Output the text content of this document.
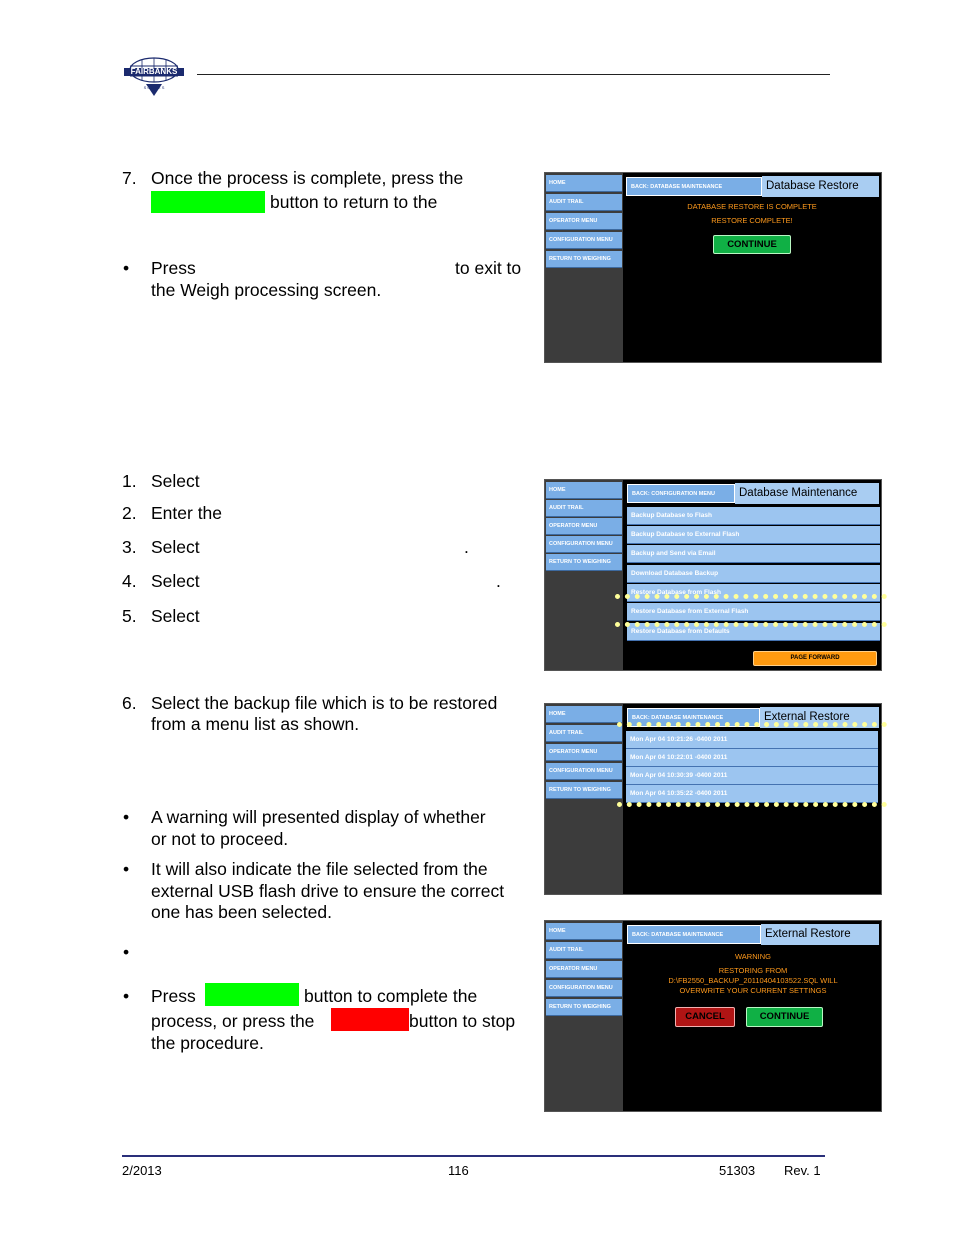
FAIRBANKS
S C A L E S
7. Once the process is complete, press the
button to return to the
• Press	to exit to
the Weigh processing screen.
HOME
AUDIT TRAIL
OPERATOR MENU
CONFIGURATION MENU
RETURN TO WEIGHING
BACK: DATABASE MAINTENANCE	Database Restore
DATABASE RESTORE IS COMPLETE
RESTORE COMPLETE!
CONTINUE
1. Select
2. Enter the
3. Select	.
4. Select	.
5. Select
HOME
AUDIT TRAIL
OPERATOR MENU
CONFIGURATION MENU
RETURN TO WEIGHING
BACK: CONFIGURATION MENU	Database Maintenance
Backup Database to Flash
Backup Database to External Flash
Backup and Send via Email
Download Database Backup
Restore Database from Flash
Restore Database from External Flash
Restore Database from Defaults
PAGE FORWARD
6. Select the backup file which is to be restored
from a menu list as shown.	HOME
AUDIT TRAIL
OPERATOR MENU
CONFIGURATION MENU
RETURN TO WEIGHING
BACK: DATABASE MAINTENANCE	External Restore
Mon Apr 04 10:21:26 -0400 2011
Mon Apr 04 10:22:01 -0400 2011
Mon Apr 04 10:30:39 -0400 2011
Mon Apr 04 10:35:22 -0400 2011
• A warning will presented display of whether
or not to proceed.
• It will also indicate the file selected from the
external USB flash drive to ensure the correct
one has been selected.
•
• Press	button to complete the
process, or press the	button to stop
the procedure.
HOME
AUDIT TRAIL
OPERATOR MENU
CONFIGURATION MENU
RETURN TO WEIGHING
BACK: DATABASE MAINTENANCE	External Restore
WARNING
RESTORING FROM
D:\FB2550_BACKUP_20110404103522.SQL WILL
OVERWRITE YOUR CURRENT SETTINGS
CANCEL	CONTINUE
2/2013	116	51303 Rev. 1
